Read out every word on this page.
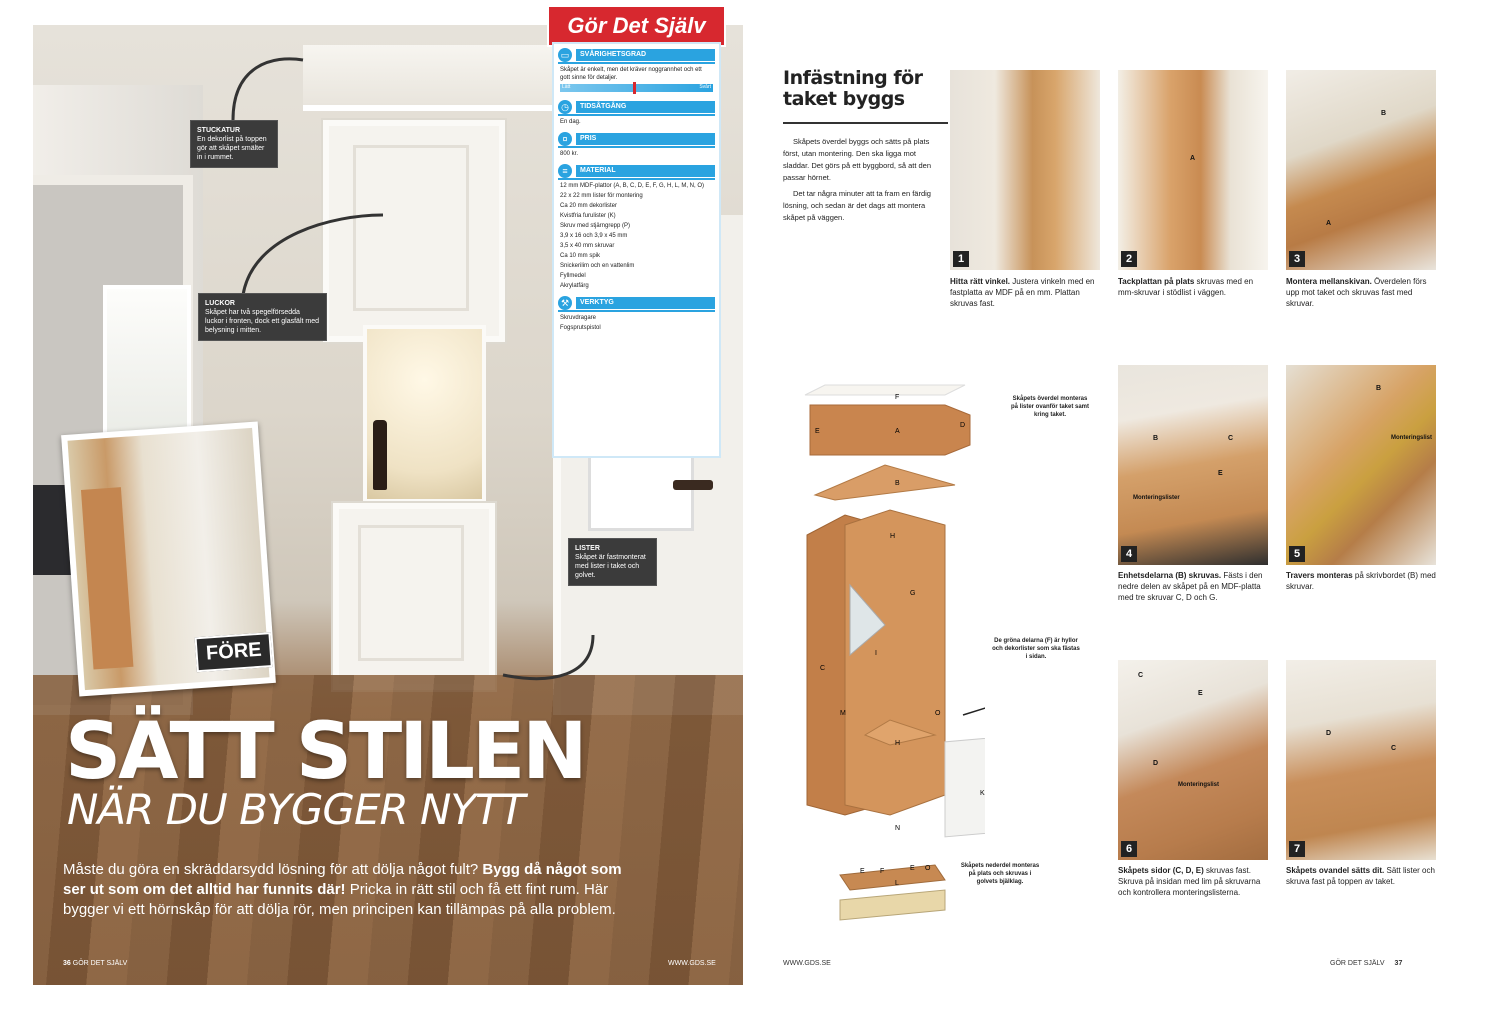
STUCKATUR
En dekorlist på toppen gör att skåpet smälter in i rummet.
LUCKOR
Skåpet har två spegelförsedda luckor i fronten, dock ett glasfält med belysning i mitten.
LISTER
Skåpet är fastmonterat med lister i taket och golvet.
FÖRE
SÄTT STILEN
NÄR DU BYGGER NYTT
Måste du göra en skräddarsydd lösning för att dölja något fult? Bygg då något som ser ut som om det alltid har funnits där! Pricka in rätt stil och få ett fint rum. Här bygger vi ett hörnskåp för att dölja rör, men principen kan tillämpas på alla problem.
36 GÖR DET SJÄLV	WWW.GDS.SE
Gör Det Själv
▭	SVÅRIGHETSGRAD
Skåpet är enkelt, men det kräver noggrannhet och ett gott sinne för detaljer.
Lätt	Svårt
◷	TIDSÅTGÅNG
En dag.
¤	PRIS
800 kr.
≡	MATERIAL
12 mm MDF-plattor (A, B, C, D, E, F, G, H, L, M, N, O)
22 x 22 mm lister för montering
Ca 20 mm dekorlister
Kvistfria furulister (K)
Skruv med stjärngrepp (P)
3,9 x 16 och 3,9 x 45 mm
3,5 x 40 mm skruvar
Ca 10 mm spik
Snickerilim och en vattenlim
Fyllmedel
Akrylatfärg
⚒	VERKTYG
Skruvdragare
Fogsprutspistol
Infästning för taket byggs

Skåpets överdel byggs och sätts på plats först, utan montering. Den ska ligga mot sladdar. Det görs på ett byggbord, så att den passar hörnet.

Det tar några minuter att ta fram en färdig lösning, och sedan är det dags att montera skåpet på väggen.

1
Hitta rätt vinkel. Justera vinkeln med en fastplatta av MDF på en mm. Plattan skruvas fast.
A
2
Tackplattan på plats skruvas med en mm-skruvar i stödlist i väggen.
B
A
3
Montera mellanskivan. Överdelen förs upp mot taket och skruvas fast med skruvar.
B	C
E
Monteringslister
4
Enhetsdelarna (B) skruvas. Fästs i den nedre delen av skåpet på en MDF-platta med tre skruvar C, D och G.
B
Monteringslist
5
Travers monteras på skrivbordet (B) med skruvar.
C
E
D
Monteringslist
6
Skåpets sidor (C, D, E) skruvas fast. Skruva på insidan med lim på skruvarna och kontrollera monteringslisterna.
D
C
7
Skåpets ovandel sätts dit. Sätt lister och skruva fast på toppen av taket.
F
E	A
D
B
H
G
C
I
H
M	O
N
K
E F
L
E O
Skåpets överdel monteras på lister ovanför taket samt kring taket.
De gröna delarna (F) är hyllor och dekorlister som ska fästas i sidan.
Skåpets nederdel monteras på plats och skruvas i golvets bjälklag.
WWW.GDS.SE	GÖR DET SJÄLV 37
